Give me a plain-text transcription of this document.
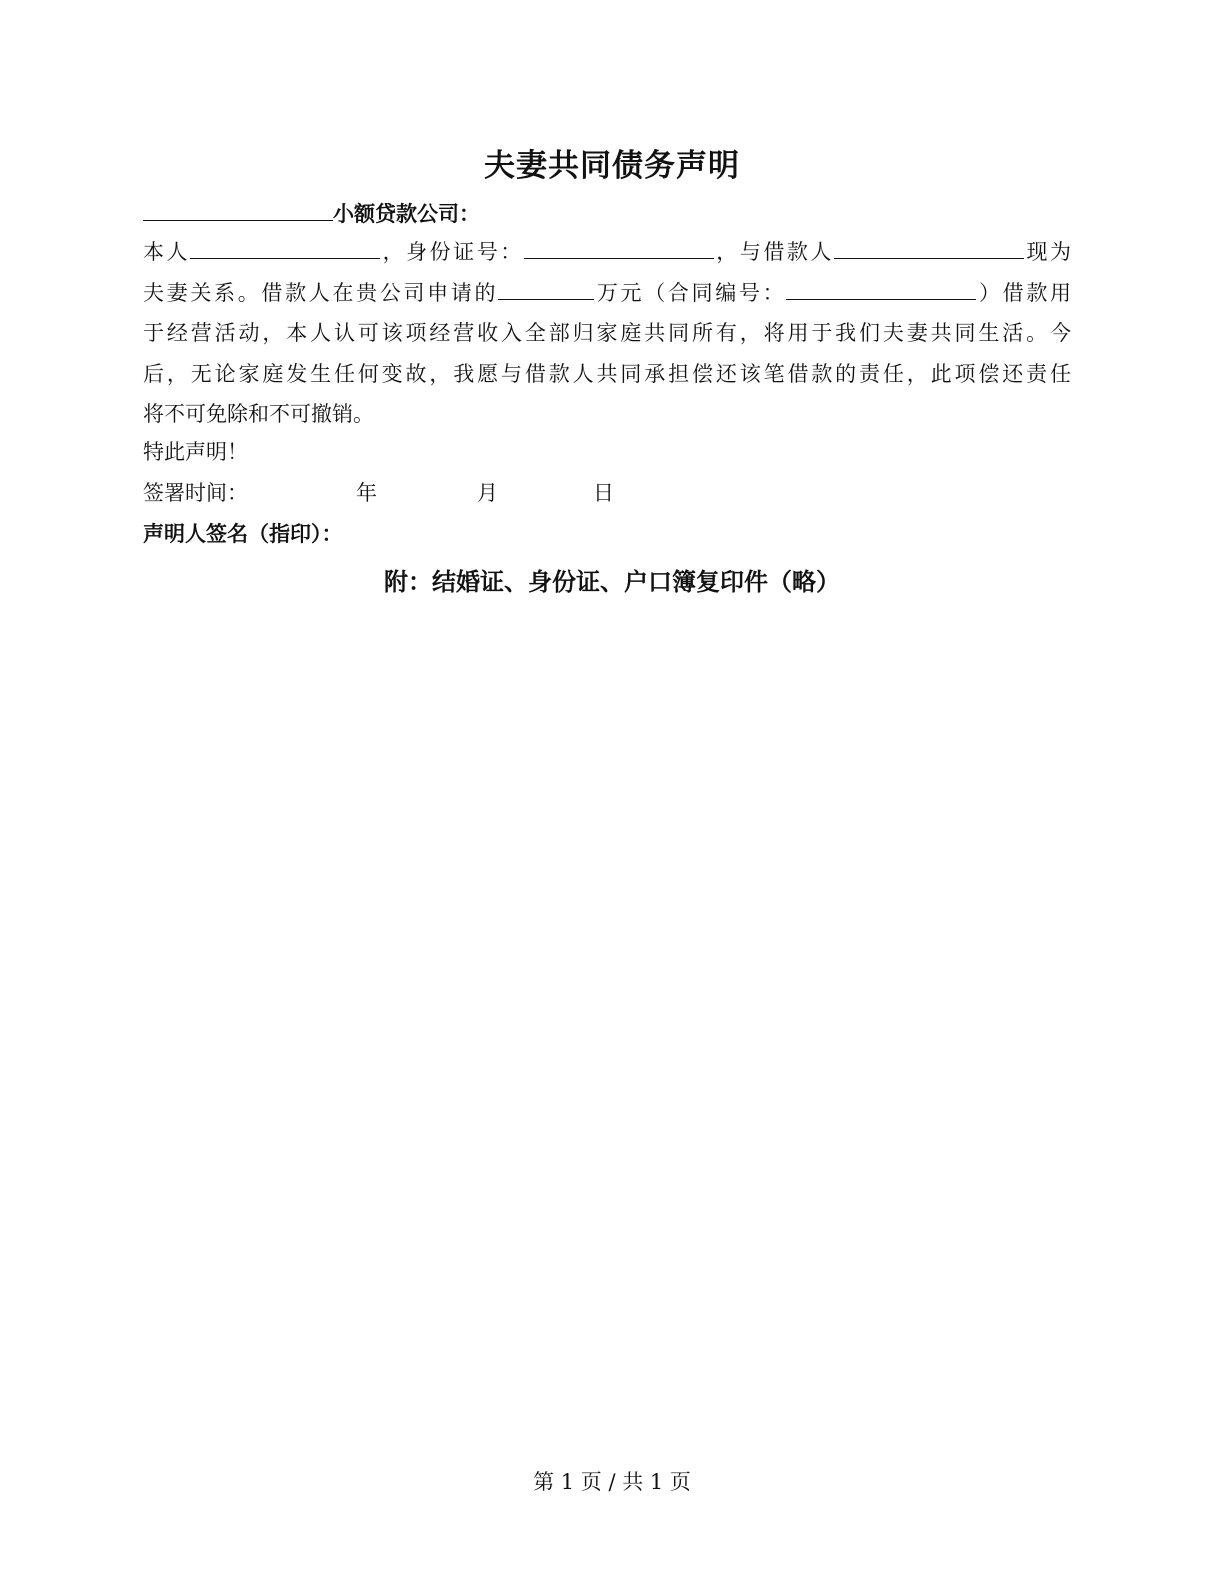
夫妻共同债务声明
小额贷款公司：
本人	，身份证号：	，与借款人	现为
夫妻关系。借款人在贵公司申请的	万元（合同编号：	）借款用
于经营活动，本人认可该项经营收入全部归家庭共同所有，将用于我们夫妻共同生活。今
后，无论家庭发生任何变故，我愿与借款人共同承担偿还该笔借款的责任，此项偿还责任
将不可免除和不可撤销。
特此声明！
签署时间：	年	月	日
声明人签名（指印）：
附：结婚证、身份证、户口簿复印件（略）
第 1 页 / 共 1 页
